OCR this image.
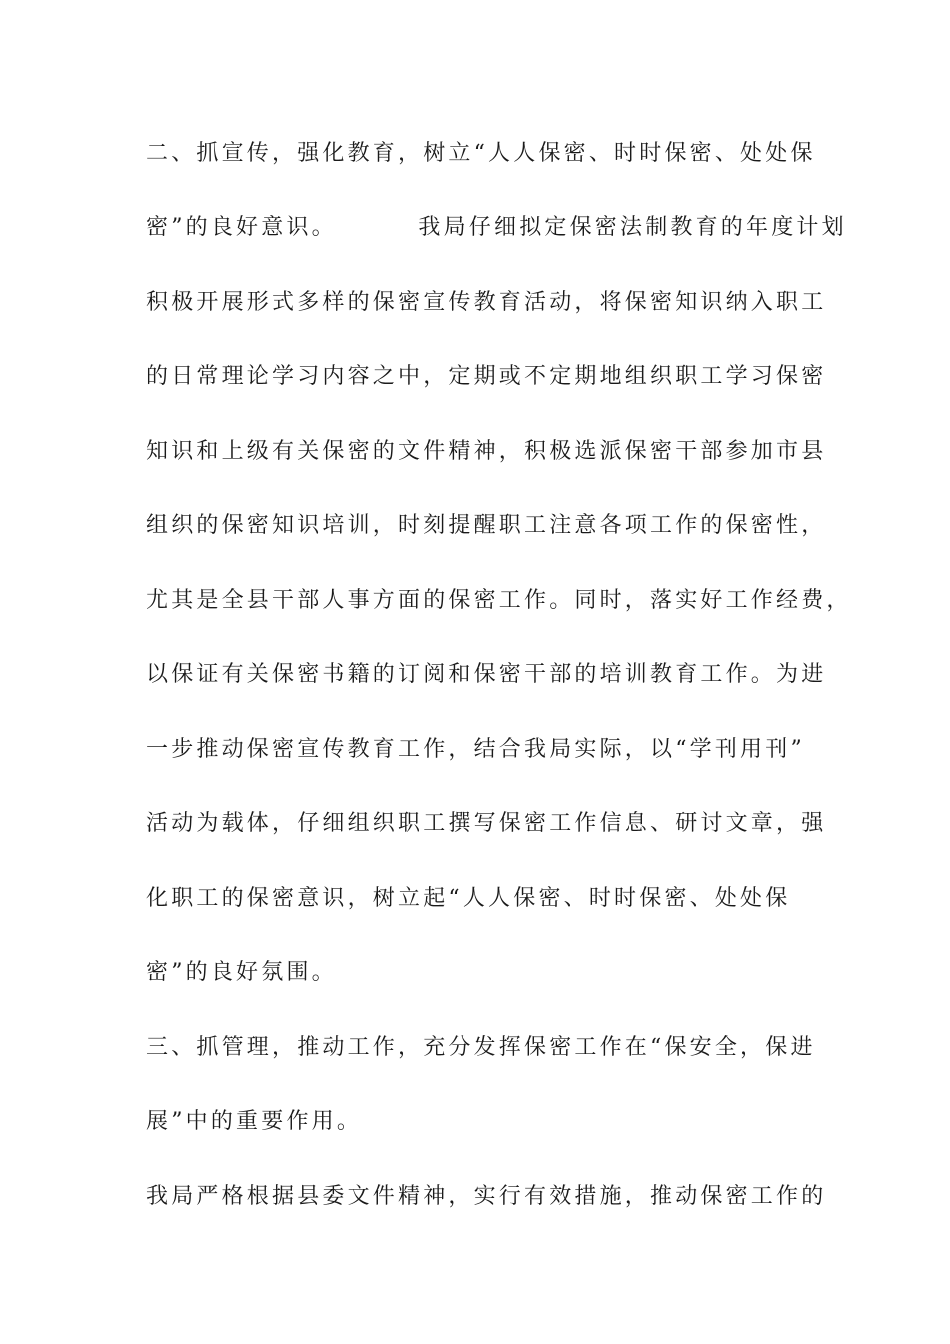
二、抓宣传，强化教育，树立“人人保密、时时保密、处处保

密”的良好意识。        我局仔细拟定保密法制教育的年度计划

积极开展形式多样的保密宣传教育活动，将保密知识纳入职工

的日常理论学习内容之中，定期或不定期地组织职工学习保密

知识和上级有关保密的文件精神，积极选派保密干部参加市县

组织的保密知识培训，时刻提醒职工注意各项工作的保密性，

尤其是全县干部人事方面的保密工作。同时，落实好工作经费，

以保证有关保密书籍的订阅和保密干部的培训教育工作。为进

一步推动保密宣传教育工作，结合我局实际，以“学刊用刊”

活动为载体，仔细组织职工撰写保密工作信息、研讨文章，强

化职工的保密意识，树立起“人人保密、时时保密、处处保

密”的良好氛围。

三、抓管理，推动工作，充分发挥保密工作在“保安全，保进

展”中的重要作用。

我局严格根据县委文件精神，实行有效措施，推动保密工作的
